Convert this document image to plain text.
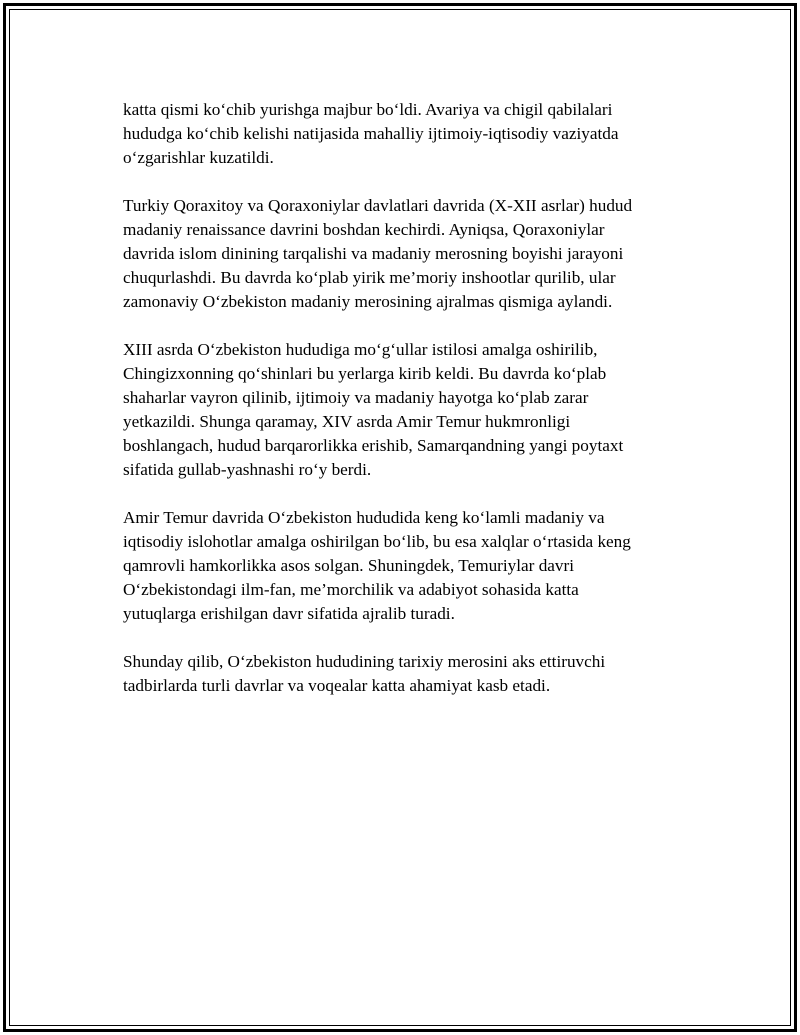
katta qismi ko‘chib yurishga majbur bo‘ldi. Avariya va chigil qabilalari
hududga ko‘chib kelishi natijasida mahalliy ijtimoiy-iqtisodiy vaziyatda
o‘zgarishlar kuzatildi.

Turkiy Qoraxitoy va Qoraxoniylar davlatlari davrida (X-XII asrlar) hudud
madaniy renaissance davrini boshdan kechirdi. Ayniqsa, Qoraxoniylar
davrida islom dinining tarqalishi va madaniy merosning boyishi jarayoni
chuqurlashdi. Bu davrda ko‘plab yirik me’moriy inshootlar qurilib, ular
zamonaviy O‘zbekiston madaniy merosining ajralmas qismiga aylandi.

XIII asrda O‘zbekiston hududiga mo‘g‘ullar istilosi amalga oshirilib,
Chingizxonning qo‘shinlari bu yerlarga kirib keldi. Bu davrda ko‘plab
shaharlar vayron qilinib, ijtimoiy va madaniy hayotga ko‘plab zarar
yetkazildi. Shunga qaramay, XIV asrda Amir Temur hukmronligi
boshlangach, hudud barqarorlikka erishib, Samarqandning yangi poytaxt
sifatida gullab-yashnashi ro‘y berdi.

Amir Temur davrida O‘zbekiston hududida keng ko‘lamli madaniy va
iqtisodiy islohotlar amalga oshirilgan bo‘lib, bu esa xalqlar o‘rtasida keng
qamrovli hamkorlikka asos solgan. Shuningdek, Temuriylar davri
O‘zbekistondagi ilm-fan, me’morchilik va adabiyot sohasida katta
yutuqlarga erishilgan davr sifatida ajralib turadi.

Shunday qilib, O‘zbekiston hududining tarixiy merosini aks ettiruvchi
tadbirlarda turli davrlar va voqealar katta ahamiyat kasb etadi.
